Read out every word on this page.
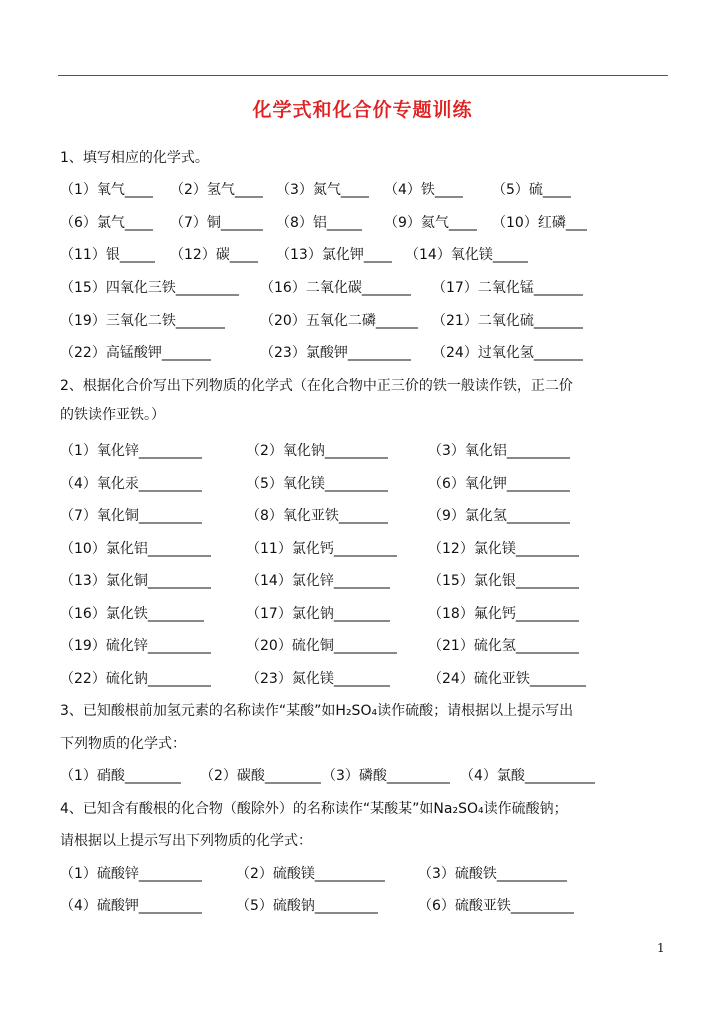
化学式和化合价专题训练
1、填写相应的化学式。
（1）氧气____ （2）氢气____ （3）氮气____ （4）铁____ （5）硫____
（6）氯气____ （7）铜______ （8）铝_____ （9）氦气____ （10）红磷___
（11）银_____ （12）碳____ （13）氯化钾____ （14）氧化镁_____
（15）四氧化三铁_________ （16）二氧化碳_______ （17）二氧化锰_______
（19）三氧化二铁_______	（20）五氧化二磷______ （21）二氧化硫_______
（22）高锰酸钾_______	（23）氯酸钾_________ （24）过氧化氢_______
2、根据化合价写出下列物质的化学式（在化合物中正三价的铁一般读作铁，正二价
的铁读作亚铁。）
（1）氧化锌_________	（2）氧化钠_________	（3）氧化铝_________
（4）氧化汞_________	（5）氧化镁_________	（6）氧化钾_________
（7）氧化铜_________	（8）氧化亚铁_______	（9）氯化氢_________
（10）氯化铝_________	（11）氯化钙_________ （12）氯化镁_________
（13）氯化铜_________	（14）氯化锌________	（15）氯化银_________
（16）氯化铁________	（17）氯化钠________	（18）氟化钙_________
（19）硫化锌_________	（20）硫化铜_________ （21）硫化氢_________
（22）硫化钠_________	（23）氮化镁________	（24）硫化亚铁________
3、已知酸根前加氢元素的名称读作“某酸”如H₂SO₄读作硫酸；请根据以上提示写出
下列物质的化学式：
（1）硝酸________ （2）碳酸________ （3）磷酸_________ （4）氯酸__________
4、已知含有酸根的化合物（酸除外）的名称读作“某酸某”如Na₂SO₄读作硫酸钠；
请根据以上提示写出下列物质的化学式：
（1）硫酸锌_________ （2）硫酸镁__________ （3）硫酸铁__________
（4）硫酸钾_________ （5）硫酸钠_________	（6）硫酸亚铁_________
1
